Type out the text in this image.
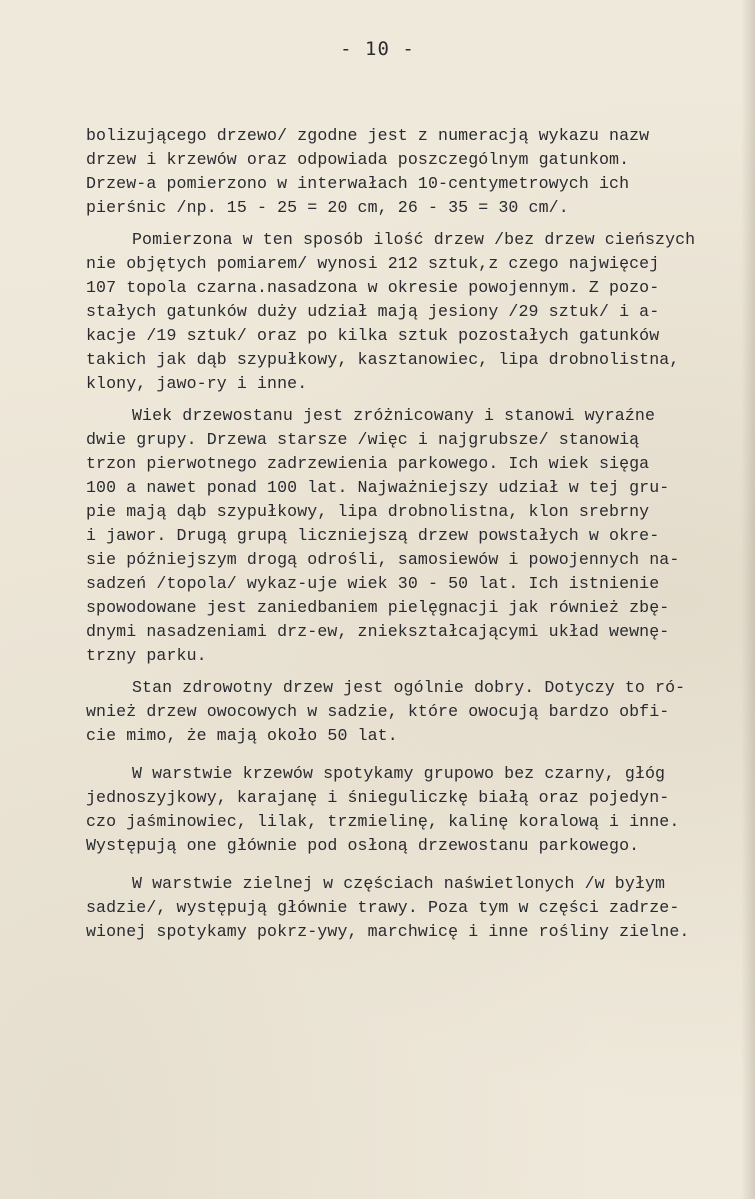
- 10 -
bolizującego drzewo/ zgodne jest z numeracją wykazu nazw
drzew i krzewów oraz odpowiada poszczególnym gatunkom.
Drzew-a pomierzono w interwałach 10-centymetrowych ich
pierśnic /np. 15 - 25 = 20 cm, 26 - 35 = 30 cm/.
Pomierzona w ten sposób ilość drzew /bez drzew cieńszych
nie objętych pomiarem/ wynosi 212 sztuk,z czego najwięcej
107 topola czarna.nasadzona w okresie powojennym. Z pozo-
stałych gatunków duży udział mają jesiony /29 sztuk/ i a-
kacje /19 sztuk/ oraz po kilka sztuk pozostałych gatunków
takich jak dąb szypułkowy, kasztanowiec, lipa drobnolistna,
klony, jawo-ry i inne.
Wiek drzewostanu jest zróżnicowany i stanowi wyraźne
dwie grupy. Drzewa starsze /więc i najgrubsze/ stanowią
trzon pierwotnego zadrzewienia parkowego. Ich wiek sięga
100 a nawet ponad 100 lat. Najważniejszy udział w tej gru-
pie mają dąb szypułkowy, lipa drobnolistna, klon srebrny
i jawor. Drugą grupą liczniejszą drzew powstałych w okre-
sie późniejszym drogą odrośli, samosiewów i powojennych na-
sadzeń /topola/ wykaz-uje wiek 30 - 50 lat. Ich istnienie
spowodowane jest zaniedbaniem pielęgnacji jak również zbę-
dnymi nasadzeniami drz-ew, zniekształcającymi układ wewnę-
trzny parku.
Stan zdrowotny drzew jest ogólnie dobry. Dotyczy to ró-
wnież drzew owocowych w sadzie, które owocują bardzo obfi-
cie mimo, że mają około 50 lat.
W warstwie krzewów spotykamy grupowo bez czarny, głóg
jednoszyjkowy, karajanę i śnieguliczkę białą oraz pojedyn-
czo jaśminowiec, lilak, trzmielinę, kalinę koralową i inne.
Występują one głównie pod osłoną drzewostanu parkowego.
W warstwie zielnej w częściach naświetlonych /w byłym
sadzie/, występują głównie trawy. Poza tym w części zadrze-
wionej spotykamy pokrz-ywy, marchwicę i inne rośliny zielne.
